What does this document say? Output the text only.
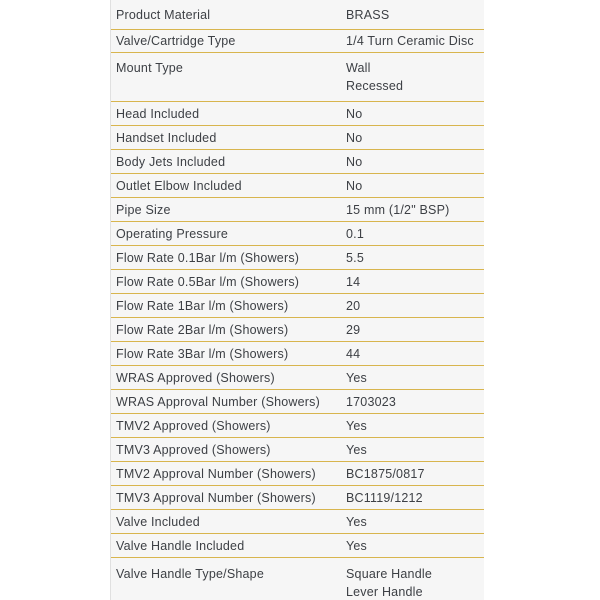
Product Material	BRASS
Valve/Cartridge Type	1/4 Turn Ceramic Disc
Mount Type	Wall
Recessed
Head Included	No
Handset Included	No
Body Jets Included	No
Outlet Elbow Included	No
Pipe Size	15 mm (1/2" BSP)
Operating Pressure	0.1
Flow Rate 0.1Bar l/m (Showers)	5.5
Flow Rate 0.5Bar l/m (Showers)	14
Flow Rate 1Bar l/m (Showers)	20
Flow Rate 2Bar l/m (Showers)	29
Flow Rate 3Bar l/m (Showers)	44
WRAS Approved (Showers)	Yes
WRAS Approval Number (Showers)	1703023
TMV2 Approved (Showers)	Yes
TMV3 Approved (Showers)	Yes
TMV2 Approval Number (Showers)	BC1875/0817
TMV3 Approval Number (Showers)	BC1119/1212
Valve Included	Yes
Valve Handle Included	Yes
Valve Handle Type/Shape	Square Handle
Lever Handle
